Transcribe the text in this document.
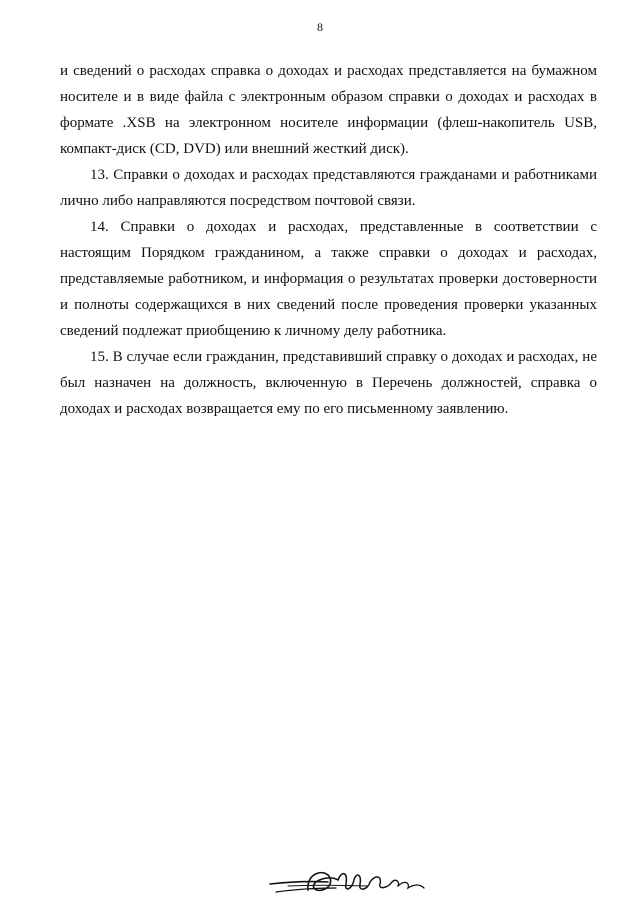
8

и сведений о расходах справка о доходах и расходах представляется на бумажном носителе и в виде файла с электронным образом справки о доходах и расходах в формате .XSB на электронном носителе информации (флеш-накопитель USB, компакт-диск (CD, DVD) или внешний жесткий диск).

13. Справки о доходах и расходах представляются гражданами и работниками лично либо направляются посредством почтовой связи.

14. Справки о доходах и расходах, представленные в соответствии с настоящим Порядком гражданином, а также справки о доходах и расходах, представляемые работником, и информация о результатах проверки достоверности и полноты содержащихся в них сведений после проведения проверки указанных сведений подлежат приобщению к личному делу работника.

15. В случае если гражданин, представивший справку о доходах и расходах, не был назначен на должность, включенную в Перечень должностей, справка о доходах и расходах возвращается ему по его письменному заявлению.
